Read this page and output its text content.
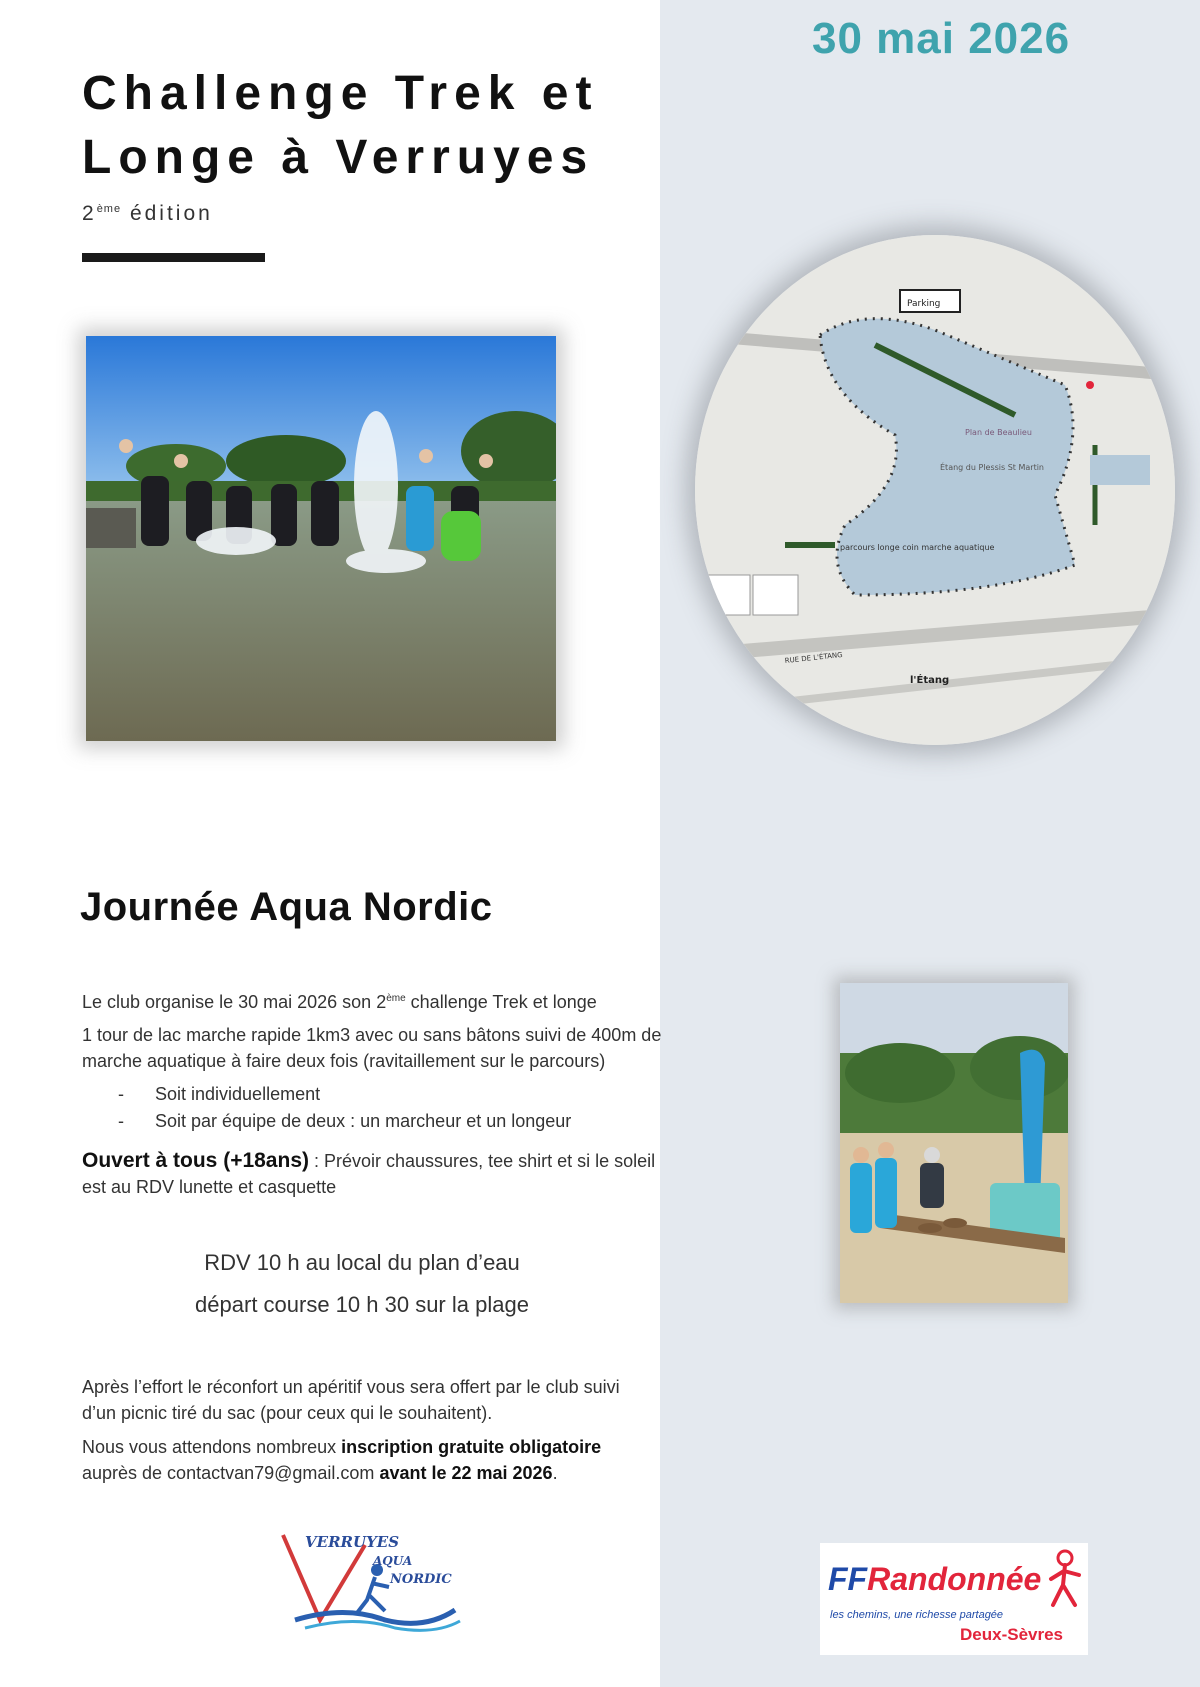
30 mai 2026
Challenge Trek et
Longe à Verruyes
2ème édition
Parking
Plan de Beaulieu
Étang du Plessis St Martin
parcours longe coin marche aquatique
l'Étang
RUE DE L'ÉTANG
Journée Aqua Nordic
Le club organise le 30 mai 2026 son 2ème challenge Trek et longe
1 tour de lac marche rapide 1km3 avec ou sans bâtons suivi de 400m de
marche aquatique à faire deux fois (ravitaillement sur le parcours)
- Soit individuellement
- Soit par équipe de deux : un marcheur et un longeur
Ouvert à tous (+18ans) : Prévoir chaussures, tee shirt et si le soleil
est au RDV lunette et casquette
RDV 10 h au local du plan d’eau
départ course 10 h 30 sur la plage
Après l’effort le réconfort un apéritif vous sera offert par le club suivi
d’un picnic tiré du sac (pour ceux qui le souhaitent).
Nous vous attendons nombreux inscription gratuite obligatoire
auprès de contactvan79@gmail.com avant le 22 mai 2026.
VERRUYES
AQUA
NORDIC	FFRandonnée
les chemins, une richesse partagée
Deux-Sèvres
